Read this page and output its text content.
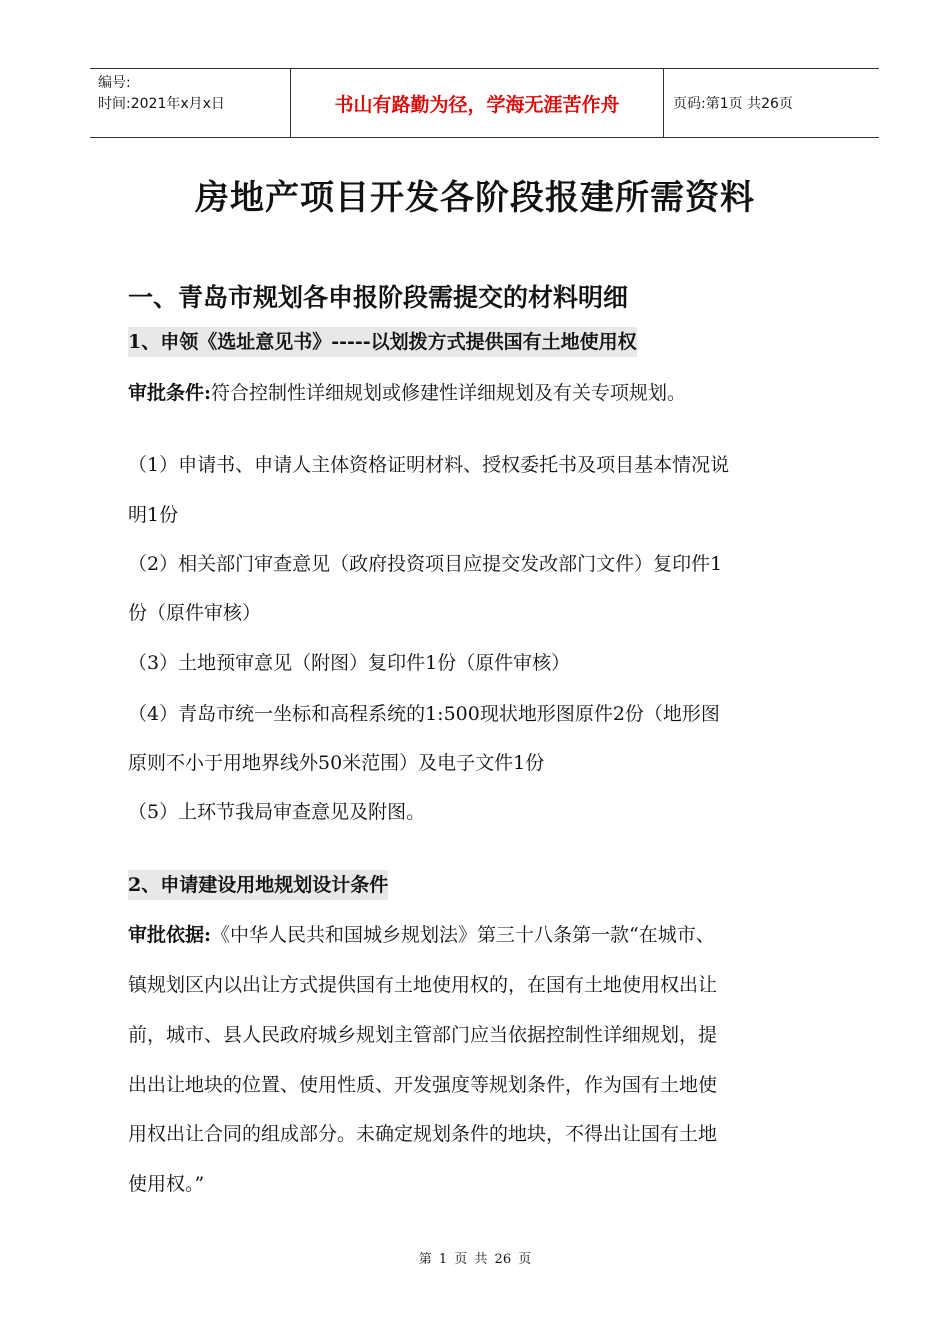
编号:
时间:2021年x月x日	书山有路勤为径，学海无涯苦作舟	页码:第1页 共26页
房地产项目开发各阶段报建所需资料
一、青岛市规划各申报阶段需提交的材料明细
1、申领《选址意见书》-----以划拨方式提供国有土地使用权
审批条件:符合控制性详细规划或修建性详细规划及有关专项规划。
（1）申请书、申请人主体资格证明材料、授权委托书及项目基本情况说
明1份
（2）相关部门审查意见（政府投资项目应提交发改部门文件）复印件1
份（原件审核）
（3）土地预审意见（附图）复印件1份（原件审核）
（4）青岛市统一坐标和高程系统的1:500现状地形图原件2份（地形图
原则不小于用地界线外50米范围）及电子文件1份
（5）上环节我局审查意见及附图。
2、申请建设用地规划设计条件
审批依据:《中华人民共和国城乡规划法》第三十八条第一款“在城市、
镇规划区内以出让方式提供国有土地使用权的，在国有土地使用权出让
前，城市、县人民政府城乡规划主管部门应当依据控制性详细规划，提
出出让地块的位置、使用性质、开发强度等规划条件，作为国有土地使
用权出让合同的组成部分。未确定规划条件的地块，不得出让国有土地
使用权。”
第 1 页 共 26 页
